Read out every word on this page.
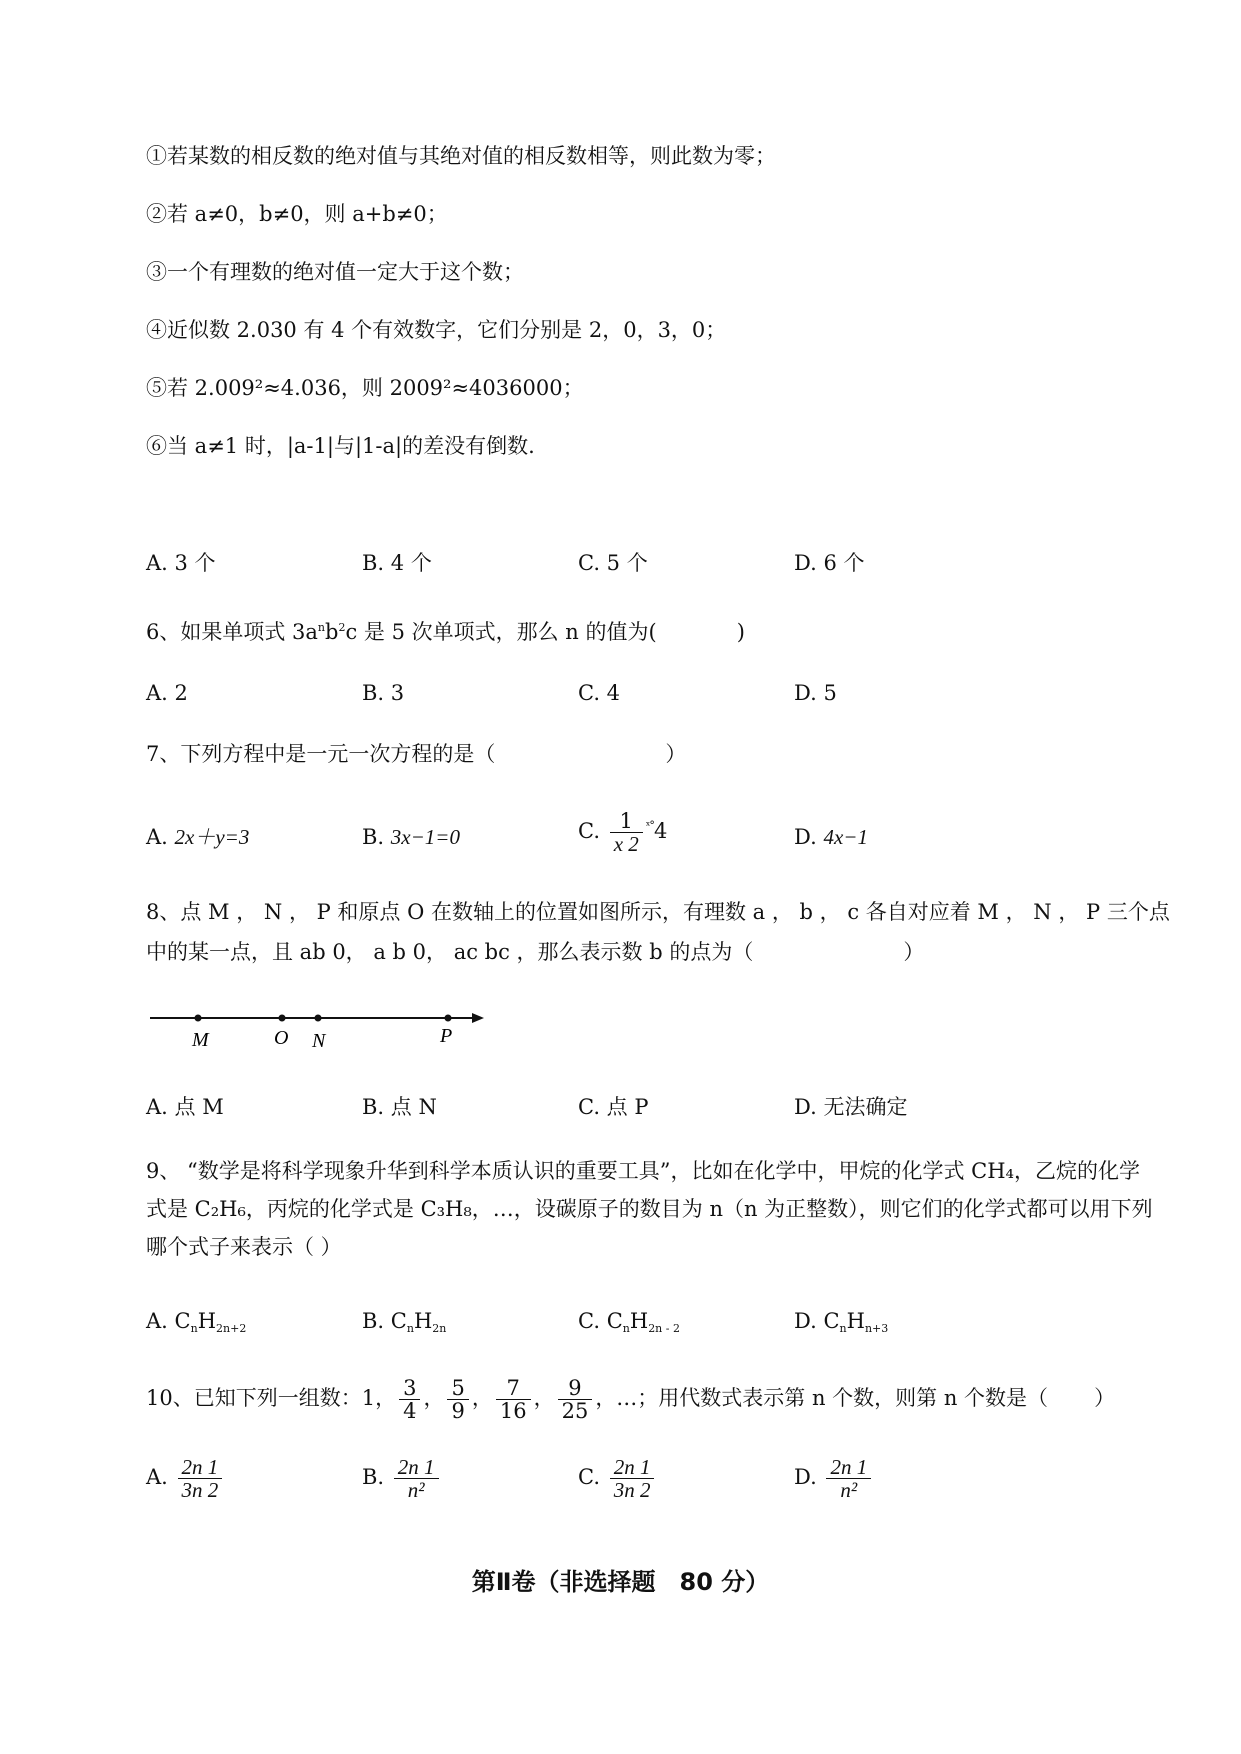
①若某数的相反数的绝对值与其绝对值的相反数相等，则此数为零；
②若 a≠0，b≠0，则 a+b≠0；
③一个有理数的绝对值一定大于这个数；
④近似数 2.030 有 4 个有效数字，它们分别是 2，0，3，0；
⑤若 2.009²≈4.036，则 2009²≈4036000；
⑥当 a≠1 时，|a-1|与|1-a|的差没有倒数.
A. 3 个	B. 4 个	C. 5 个	D. 6 个
6、如果单项式 $3a^nb^2c$ 是 5 次单项式，那么 n 的值为(	)
A. 2	B. 3	C. 4	D. 5
7、下列方程中是一元一次方程的是（	）
A. 2x＋y=3	B. 3x−1=0	C. $\frac{1}{x 2} ^{ˣ^\circ}4$	D. 4x−1
8、点 M ， N ， P 和原点 O 在数轴上的位置如图所示，有理数 a ， b ， c 各自对应着 M ， N ， P 三个点
中的某一点，且 ab 0， a b 0， ac bc ，那么表示数 b 的点为（	）
M	O N	P
A. 点 M	B. 点 N	C. 点 P	D. 无法确定
9、 “数学是将科学现象升华到科学本质认识的重要工具”，比如在化学中，甲烷的化学式 CH₄，乙烷的化学式是 C₂H₆，丙烷的化学式是 C₃H₈，…，设碳原子的数目为 n（n 为正整数），则它们的化学式都可以用下列哪个式子来表示（ ）
A. $C_nH_{2n+2}$	B. $C_nH_{2n}$	C. $C_nH_{2n - 2}$	D. $C_nH_{n+3}$
10、已知下列一组数：1， $\frac{3}{4}$ ， $\frac{5}{9}$ ， $\frac{7}{16}$ ， $\frac{9}{25}$ ，…；用代数式表示第 n 个数，则第 n 个数是（ ）
A. $\frac{2n 1}{3n 2}$	B. $\frac{2n 1}{\text{n²}}$	C. $\frac{2n 1}{3n 2}$	D. $\frac{2n 1}{\text{n²}}$
第Ⅱ卷（非选择题　80 分）
